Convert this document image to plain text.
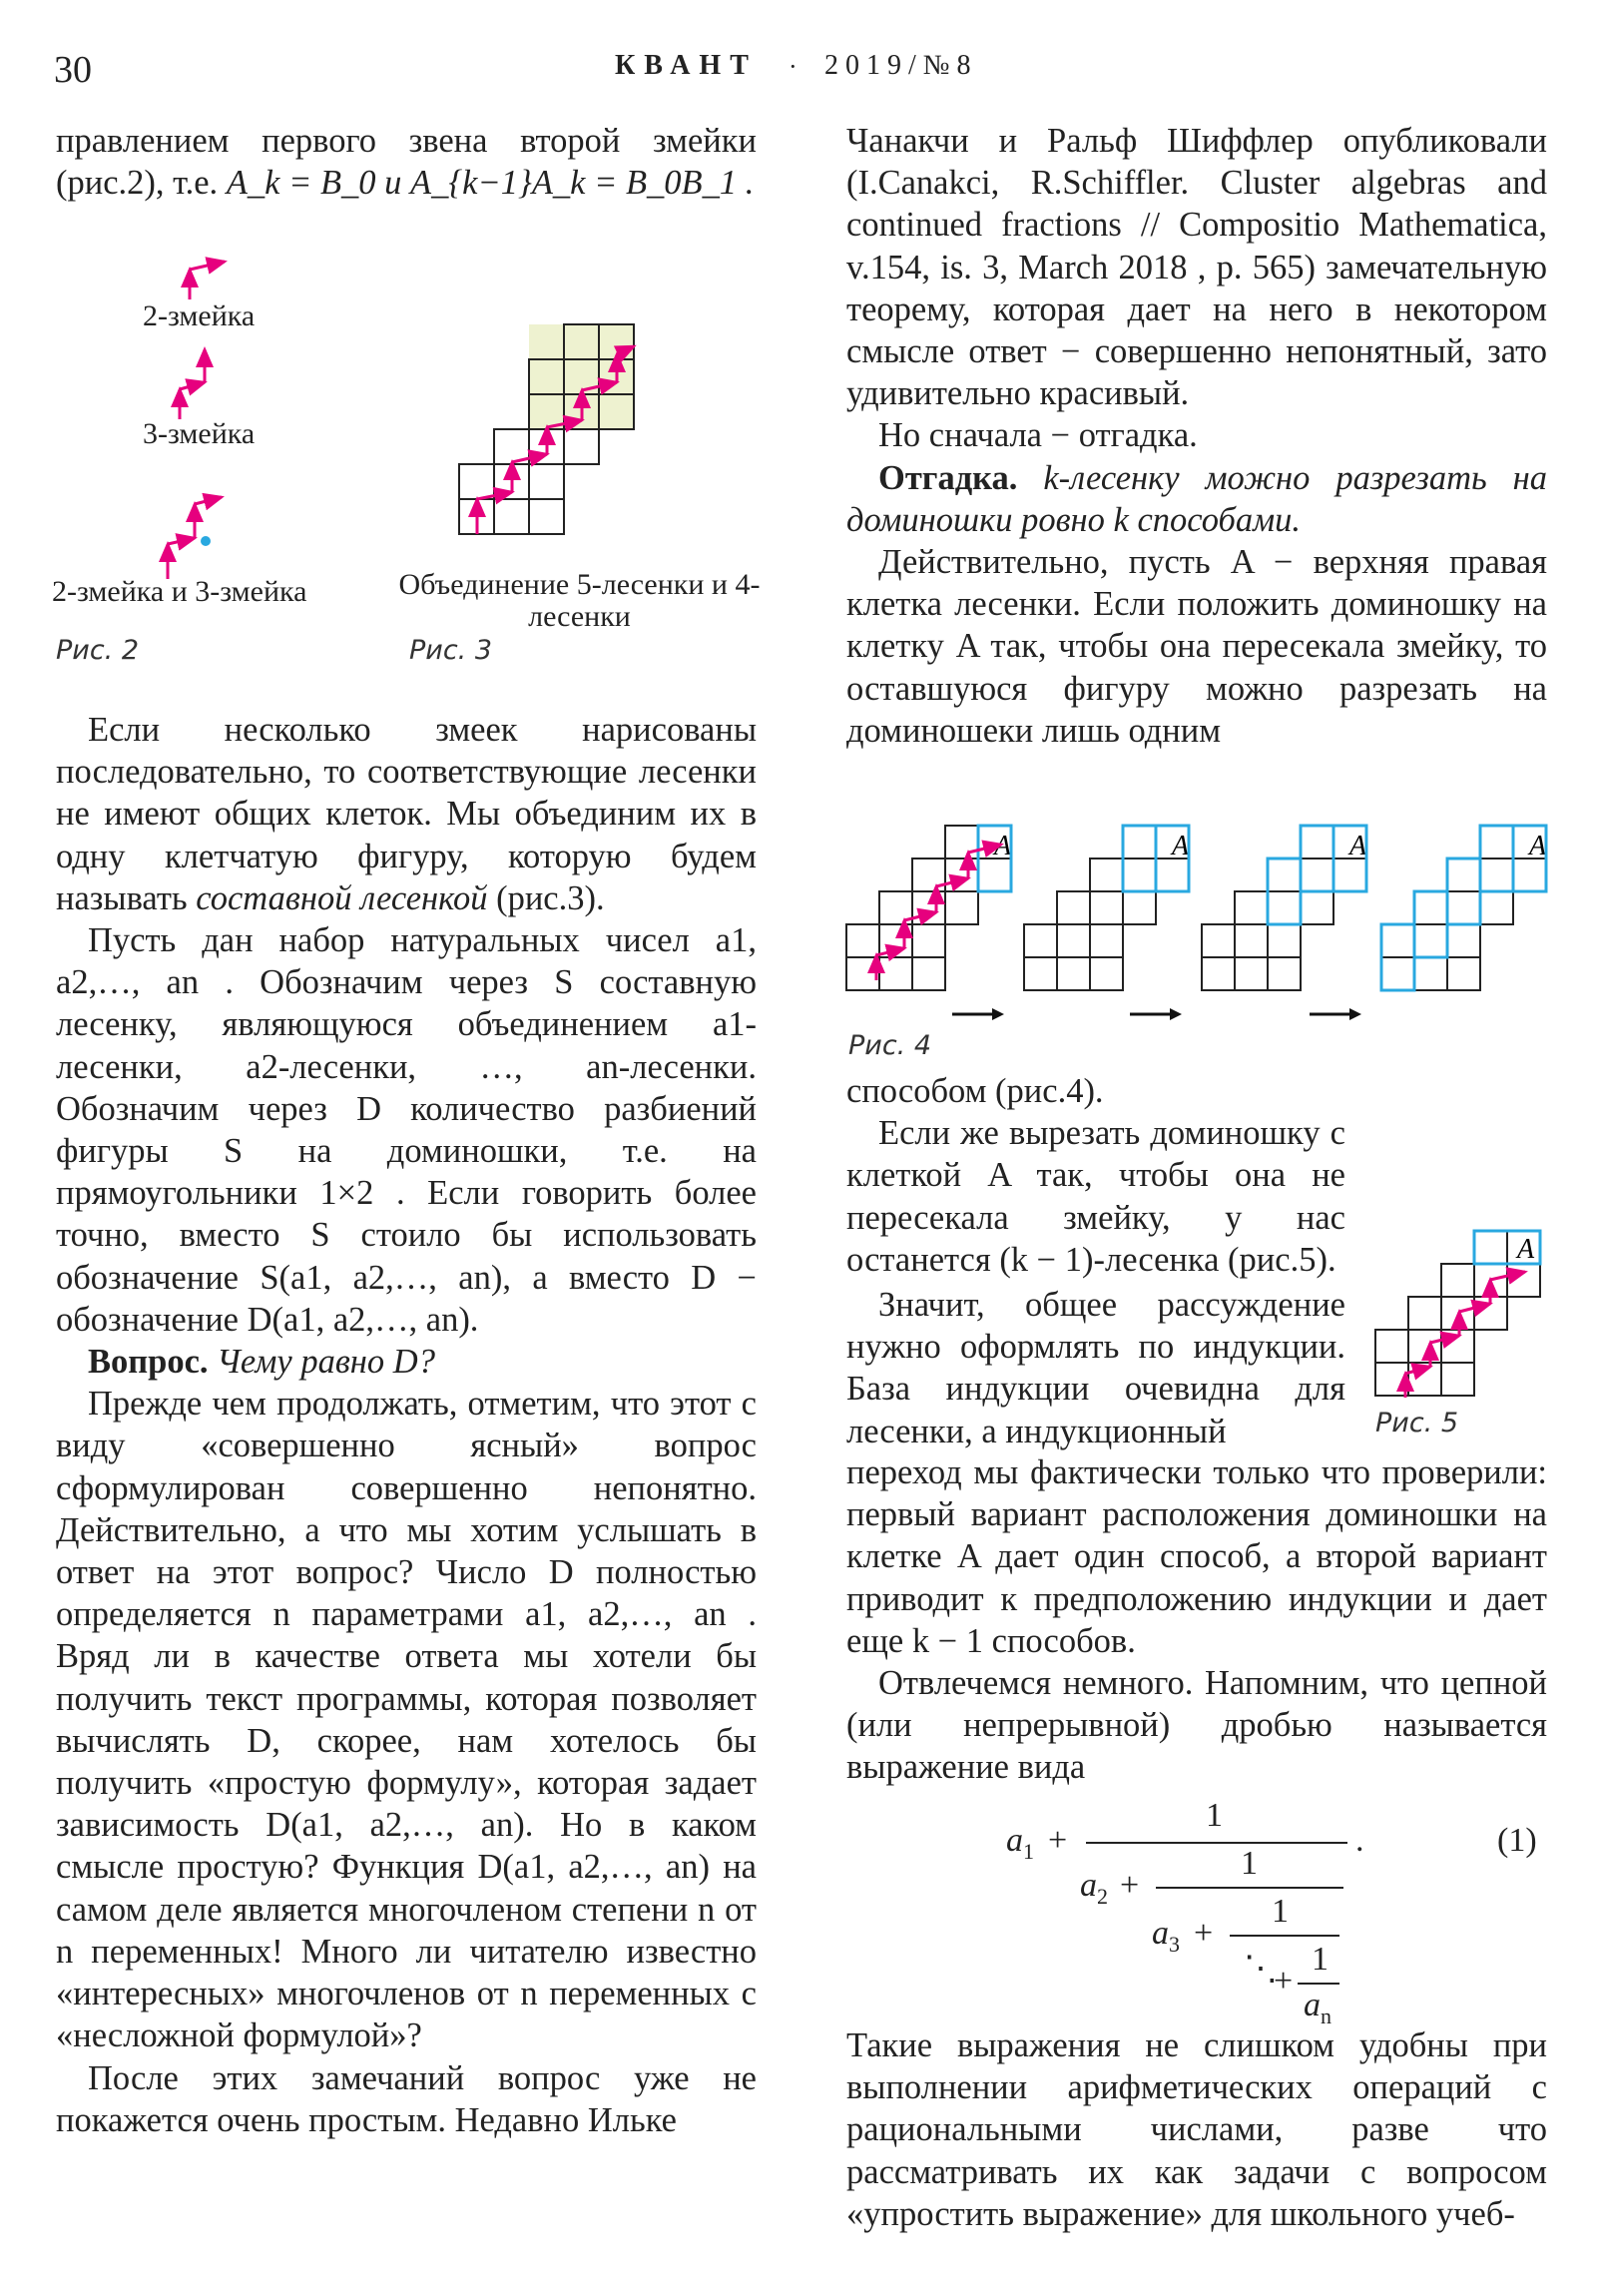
30	КВАНТ · 2019/№8

правлением первого звена второй змейки (рис.2), т.е. A_k = B_0 и A_{k−1}A_k = B_0B_1 .

2-змейка
3-змейка
2-змейка и 3-змейка
Рис. 2
Объединение 5-лесенки и 4-лесенки
Рис. 3

Если несколько змеек нарисованы последовательно, то соответствующие лесенки не имеют общих клеток. Мы объединим их в одну клетчатую фигуру, которую будем называть составной лесенкой (рис.3).

Пусть дан набор натуральных чисел a1, a2,…, an . Обозначим через S составную лесенку, являющуюся объединением a1-лесенки, a2-лесенки, …, an-лесенки. Обозначим через D количество разбиений фигуры S на доминошки, т.е. на прямоугольники 1×2 . Если говорить более точно, вместо S стоило бы использовать обозначение S(a1, a2,…, an), а вместо D − обозначение D(a1, a2,…, an).

Вопрос. Чему равно D?

Прежде чем продолжать, отметим, что этот с виду «совершенно ясный» вопрос сформулирован совершенно непонятно. Действительно, а что мы хотим услышать в ответ на этот вопрос? Число D полностью определяется n параметрами a1, a2,…, an . Вряд ли в качестве ответа мы хотели бы получить текст программы, которая позволяет вычислять D, скорее, нам хотелось бы получить «простую формулу», которая задает зависимость D(a1, a2,…, an). Но в каком смысле простую? Функция D(a1, a2,…, an) на самом деле является многочленом степени n от n переменных! Много ли читателю известно «интересных» многочленов от n переменных с «несложной формулой»?

После этих замечаний вопрос уже не покажется очень простым. Недавно Ильке

Чанакчи и Ральф Шиффлер опубликовали (I.Canakci, R.Schiffler. Cluster algebras and continued fractions // Compositio Mathematica, v.154, is. 3, March 2018 , p. 565) замечательную теорему, которая дает на него в некотором смысле ответ − совершенно непонятный, зато удивительно красивый.

Но сначала − отгадка.

Отгадка. k-лесенку можно разрезать на доминошки ровно k способами.

Действительно, пусть A − верхняя правая клетка лесенки. Если положить доминошку на клетку A так, чтобы она пересекала змейку, то оставшуюся фигуру можно разрезать на доминошеки лишь одним

A	A	A	A
Рис. 4

способом (рис.4).

Если же вырезать доминошку с клеткой A так, чтобы она не пересекала змейку, у нас останется (k − 1)-лесенка (рис.5).	A
Рис. 5

Значит, общее рассуждение нужно оформлять по индукции. База индукции очевидна для лесенки, а индукционный

переход мы фактически только что проверили: первый вариант расположения доминошки на клетке A дает один способ, а второй вариант приводит к предположению индукции и дает еще k − 1 способов.

Отвлечемся немного. Напомним, что цепной (или непрерывной) дробью называется выражение вида

$a_1$ +
1
.
$a_2$ +
1
$a_3$ +
1
⋱
+
1
$a_n$
(1)

Такие выражения не слишком удобны при выполнении арифметических операций с рациональными числами, разве что рассматривать их как задачи с вопросом «упростить выражение» для школьного учеб-
